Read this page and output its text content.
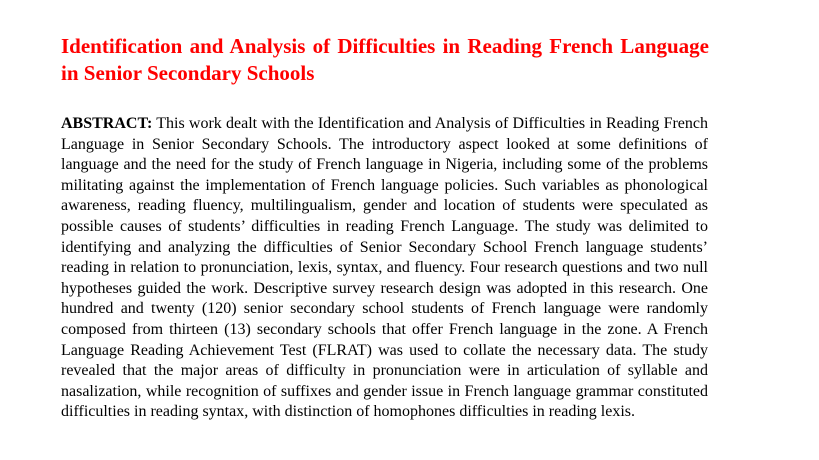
Identification and Analysis of Difficulties in Reading French Language in Senior Secondary Schools

ABSTRACT: This work dealt with the Identification and Analysis of Difficulties in Reading French Language in Senior Secondary Schools. The introductory aspect looked at some definitions of language and the need for the study of French language in Nigeria, including some of the problems militating against the implementation of French language policies. Such variables as phonological awareness, reading fluency, multilingualism, gender and location of students were speculated as possible causes of students’ difficulties in reading French Language. The study was delimited to identifying and analyzing the difficulties of Senior Secondary School French language students’ reading in relation to pronunciation, lexis, syntax, and fluency. Four research questions and two null hypotheses guided the work. Descriptive survey research design was adopted in this research. One hundred and twenty (120) senior secondary school students of French language were randomly composed from thirteen (13) secondary schools that offer French language in the zone. A French Language Reading Achievement Test (FLRAT) was used to collate the necessary data. The study revealed that the major areas of difficulty in pronunciation were in articulation of syllable and nasalization, while recognition of suffixes and gender issue in French language grammar constituted difficulties in reading syntax, with distinction of homophones difficulties in reading lexis.
